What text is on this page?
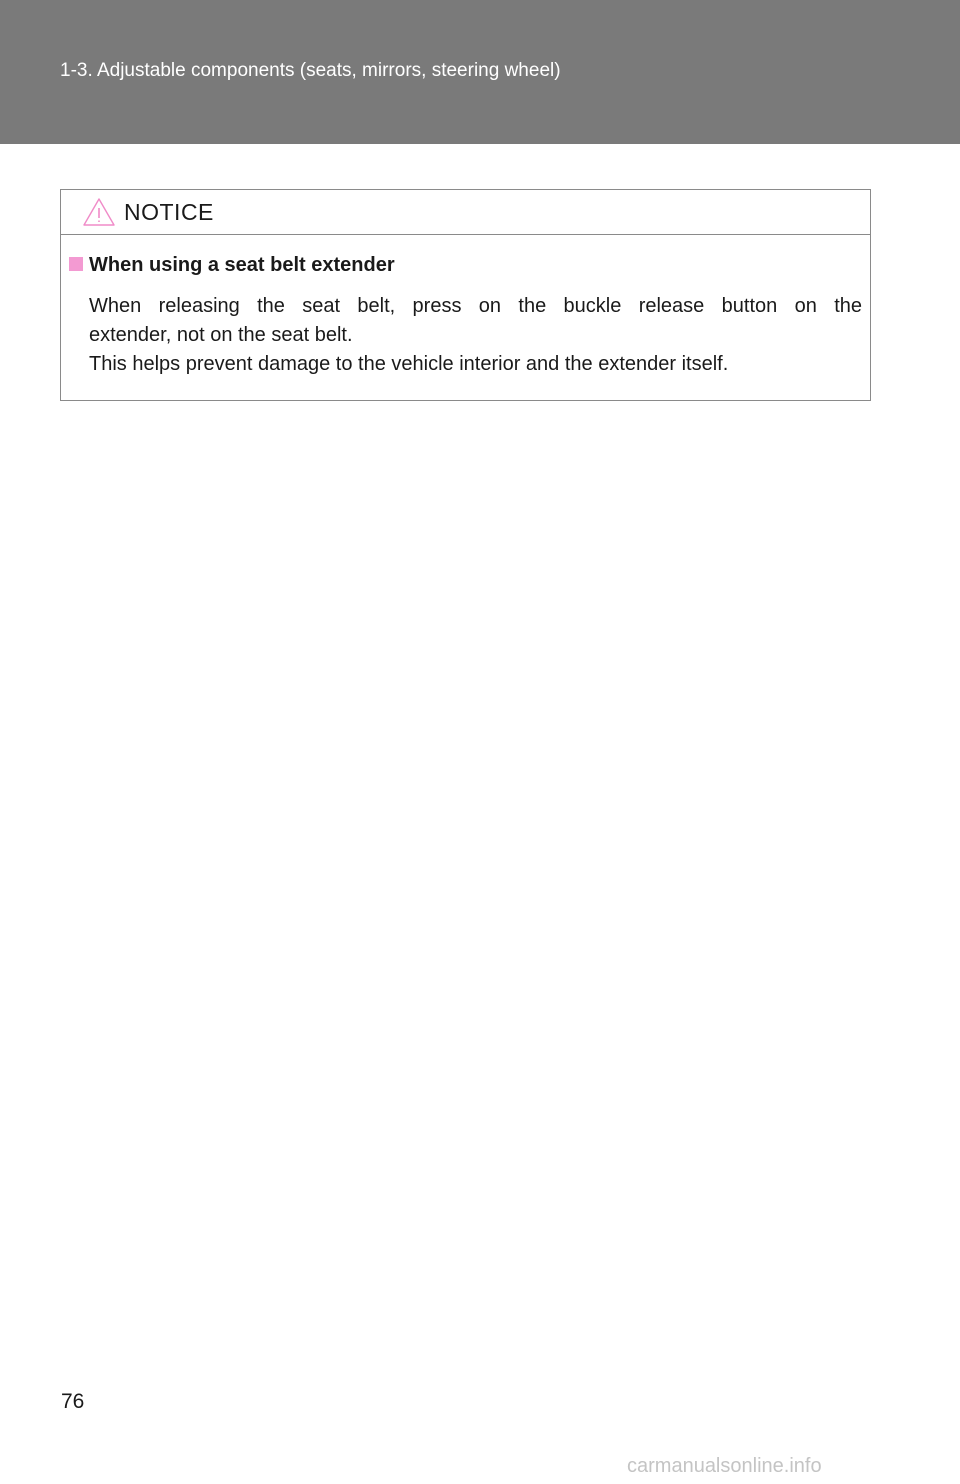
1-3. Adjustable components (seats, mirrors, steering wheel)
NOTICE
When using a seat belt extender
When releasing the seat belt, press on the buckle release button on the
extender, not on the seat belt.
This helps prevent damage to the vehicle interior and the extender itself.
76
carmanualsonline.info
